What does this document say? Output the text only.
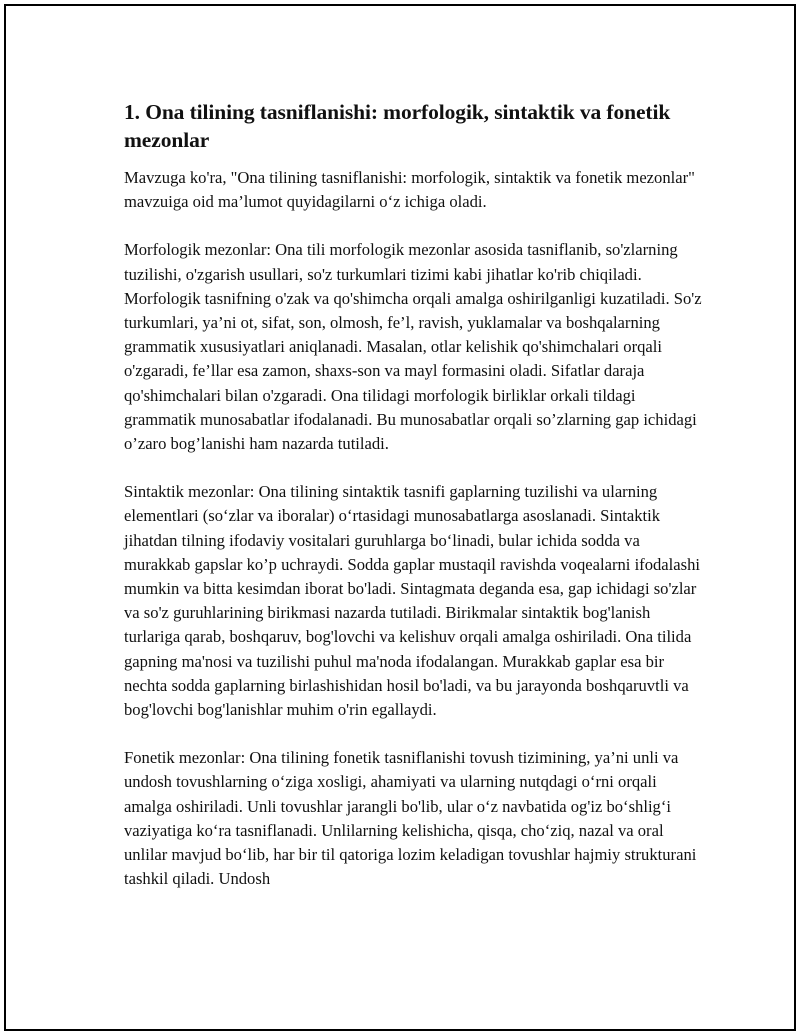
1. Ona tilining tasniflanishi: morfologik, sintaktik va fonetik mezonlar

Mavzuga ko'ra, "Ona tilining tasniflanishi: morfologik, sintaktik va fonetik mezonlar" mavzuiga oid ma’lumot quyidagilarni o‘z ichiga oladi.

Morfologik mezonlar: Ona tili morfologik mezonlar asosida tasniflanib, so'zlarning tuzilishi, o'zgarish usullari, so'z turkumlari tizimi kabi jihatlar ko'rib chiqiladi. Morfologik tasnifning o'zak va qo'shimcha orqali amalga oshirilganligi kuzatiladi. So'z turkumlari, ya’ni ot, sifat, son, olmosh, fe’l, ravish, yuklamalar va boshqalarning grammatik xususiyatlari aniqlanadi. Masalan, otlar kelishik qo'shimchalari orqali o'zgaradi, fe’llar esa zamon, shaxs-son va mayl formasini oladi. Sifatlar daraja qo'shimchalari bilan o'zgaradi. Ona tilidagi morfologik birliklar orkali tildagi grammatik munosabatlar ifodalanadi. Bu munosabatlar orqali so’zlarning gap ichidagi o’zaro bog’lanishi ham nazarda tutiladi.

Sintaktik mezonlar: Ona tilining sintaktik tasnifi gaplarning tuzilishi va ularning elementlari (so‘zlar va iboralar) o‘rtasidagi munosabatlarga asoslanadi. Sintaktik jihatdan tilning ifodaviy vositalari guruhlarga bo‘linadi, bular ichida sodda va murakkab gapslar ko’p uchraydi. Sodda gaplar mustaqil ravishda voqealarni ifodalashi mumkin va bitta kesimdan iborat bo'ladi. Sintagmata deganda esa, gap ichidagi so'zlar va so'z guruhlarining birikmasi nazarda tutiladi. Birikmalar sintaktik bog'lanish turlariga qarab, boshqaruv, bog'lovchi va kelishuv orqali amalga oshiriladi. Ona tilida gapning ma'nosi va tuzilishi puhul ma'noda ifodalangan. Murakkab gaplar esa bir nechta sodda gaplarning birlashishidan hosil bo'ladi, va bu jarayonda boshqaruvtli va bog'lovchi bog'lanishlar muhim o'rin egallaydi.

Fonetik mezonlar: Ona tilining fonetik tasniflanishi tovush tizimining, ya’ni unli va undosh tovushlarning o‘ziga xosligi, ahamiyati va ularning nutqdagi o‘rni orqali amalga oshiriladi. Unli tovushlar jarangli bo'lib, ular o‘z navbatida og'iz bo‘shlig‘i vaziyatiga ko‘ra tasniflanadi. Unlilarning kelishicha, qisqa, cho‘ziq, nazal va oral unlilar mavjud bo‘lib, har bir til qatoriga lozim keladigan tovushlar hajmiy strukturani tashkil qiladi. Undosh
